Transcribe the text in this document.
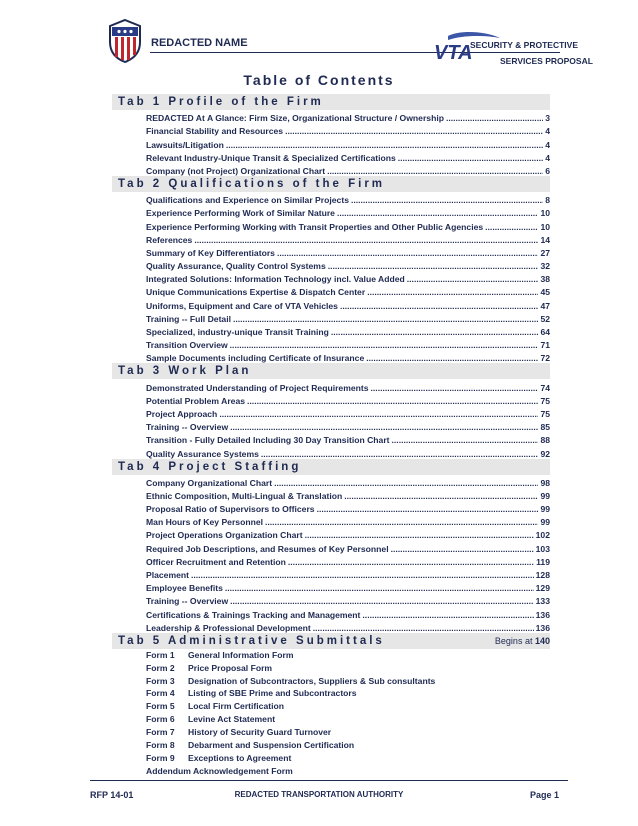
REDACTED NAME	VTA
SECURITY & PROTECTIVE
SERVICES PROPOSAL
Table of Contents
Tab 1 Profile of the Firm
REDACTED At A Glance: Firm Size, Organizational Structure / Ownership .....	3
Financial Stability and Resources .....	4
Lawsuits/Litigation .....	4
Relevant Industry-Unique Transit & Specialized Certifications .....	4
Company (not Project) Organizational Chart .....	6
Tab 2 Qualifications of the Firm
Qualifications and Experience on Similar Projects .....	8
Experience Performing Work of Similar Nature .....	10
Experience Performing Working with Transit Properties and Other Public Agencies .....	10
References .....	14
Summary of Key Differentiators .....	27
Quality Assurance, Quality Control Systems .....	32
Integrated Solutions: Information Technology incl. Value Added .....	38
Unique Communications Expertise & Dispatch Center .....	45
Uniforms, Equipment and Care of VTA Vehicles .....	47
Training -- Full Detail .....	52
Specialized, industry-unique Transit Training .....	64
Transition Overview .....	71
Sample Documents including Certificate of Insurance .....	72
Tab 3 Work Plan
Demonstrated Understanding of Project Requirements .....	74
Potential Problem Areas .....	75
Project Approach .....	75
Training -- Overview .....	85
Transition - Fully Detailed Including 30 Day Transition Chart .....	88
Quality Assurance Systems .....	92
Tab 4 Project Staffing
Company Organizational Chart .....	98
Ethnic Composition, Multi-Lingual & Translation .....	99
Proposal Ratio of Supervisors to Officers .....	99
Man Hours of Key Personnel .....	99
Project Operations Organization Chart .....	102
Required Job Descriptions, and Resumes of Key Personnel .....	103
Officer Recruitment and Retention .....	119
Placement .....	128
Employee Benefits .....	129
Training -- Overview .....	133
Certifications & Trainings Tracking and Management .....	136
Leadership & Professional Development .....	136
Tab 5 Administrative Submittals	Begins at 140
Form 1	General Information Form
Form 2	Price Proposal Form
Form 3	Designation of Subcontractors, Suppliers & Sub consultants
Form 4	Listing of SBE Prime and Subcontractors
Form 5	Local Firm Certification
Form 6	Levine Act Statement
Form 7	History of Security Guard Turnover
Form 8	Debarment and Suspension Certification
Form 9	Exceptions to Agreement
Addendum Acknowledgement Form
RFP 14-01	REDACTED TRANSPORTATION AUTHORITY	Page 1
